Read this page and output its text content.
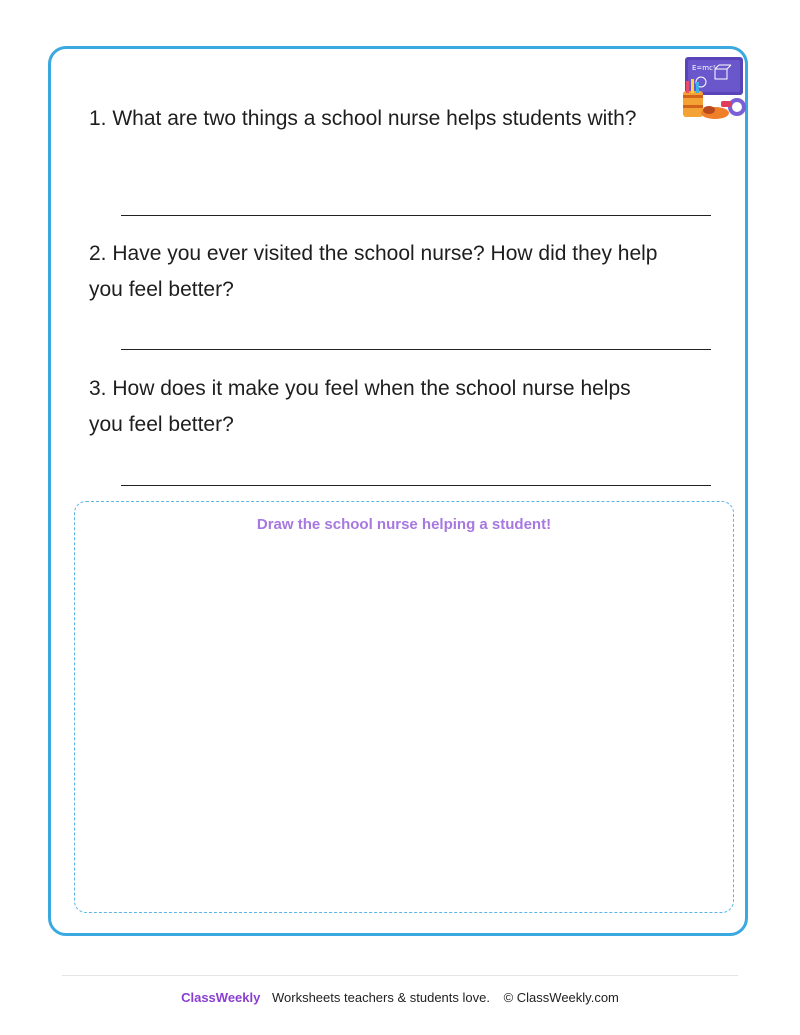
E=mc²
1. What are two things a school nurse helps students with?
2. Have you ever visited the school nurse? How did they help
you feel better?
3. How does it make you feel when the school nurse helps
you feel better?
Draw the school nurse helping a student!
ClassWeekly Worksheets teachers & students love. © ClassWeekly.com
